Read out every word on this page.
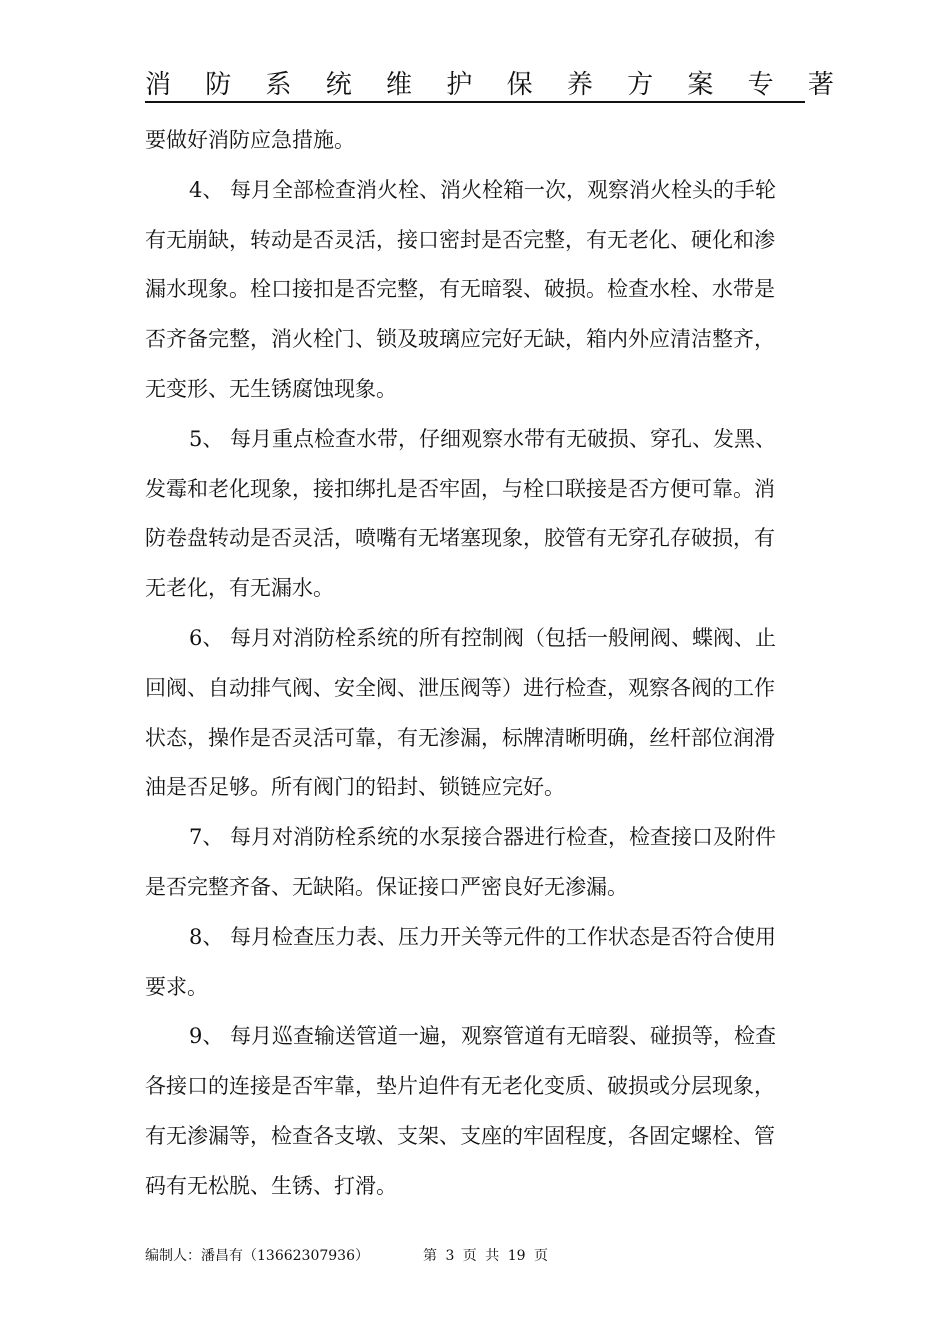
消 防 系 统 维 护 保 养 方 案 专 著
要做好消防应急措施。
4、 每月全部检查消火栓、消火栓箱一次，观察消火栓头的手轮
有无崩缺，转动是否灵活，接口密封是否完整，有无老化、硬化和渗
漏水现象。栓口接扣是否完整，有无暗裂、破损。检查水栓、水带是
否齐备完整，消火栓门、锁及玻璃应完好无缺，箱内外应清洁整齐，
无变形、无生锈腐蚀现象。
5、 每月重点检查水带，仔细观察水带有无破损、穿孔、发黑、
发霉和老化现象，接扣绑扎是否牢固，与栓口联接是否方便可靠。消
防卷盘转动是否灵活，喷嘴有无堵塞现象，胶管有无穿孔存破损，有
无老化，有无漏水。
6、 每月对消防栓系统的所有控制阀（包括一般闸阀、蝶阀、止
回阀、自动排气阀、安全阀、泄压阀等）进行检查，观察各阀的工作
状态，操作是否灵活可靠，有无渗漏，标牌清晰明确，丝杆部位润滑
油是否足够。所有阀门的铅封、锁链应完好。
7、 每月对消防栓系统的水泵接合器进行检查，检查接口及附件
是否完整齐备、无缺陷。保证接口严密良好无渗漏。
8、 每月检查压力表、压力开关等元件的工作状态是否符合使用
要求。
9、 每月巡查输送管道一遍，观察管道有无暗裂、碰损等，检查
各接口的连接是否牢靠，垫片迫件有无老化变质、破损或分层现象，
有无渗漏等，检查各支墩、支架、支座的牢固程度，各固定螺栓、管
码有无松脱、生锈、打滑。
编制人：潘昌有（13662307936）	第 3 页 共 19 页
